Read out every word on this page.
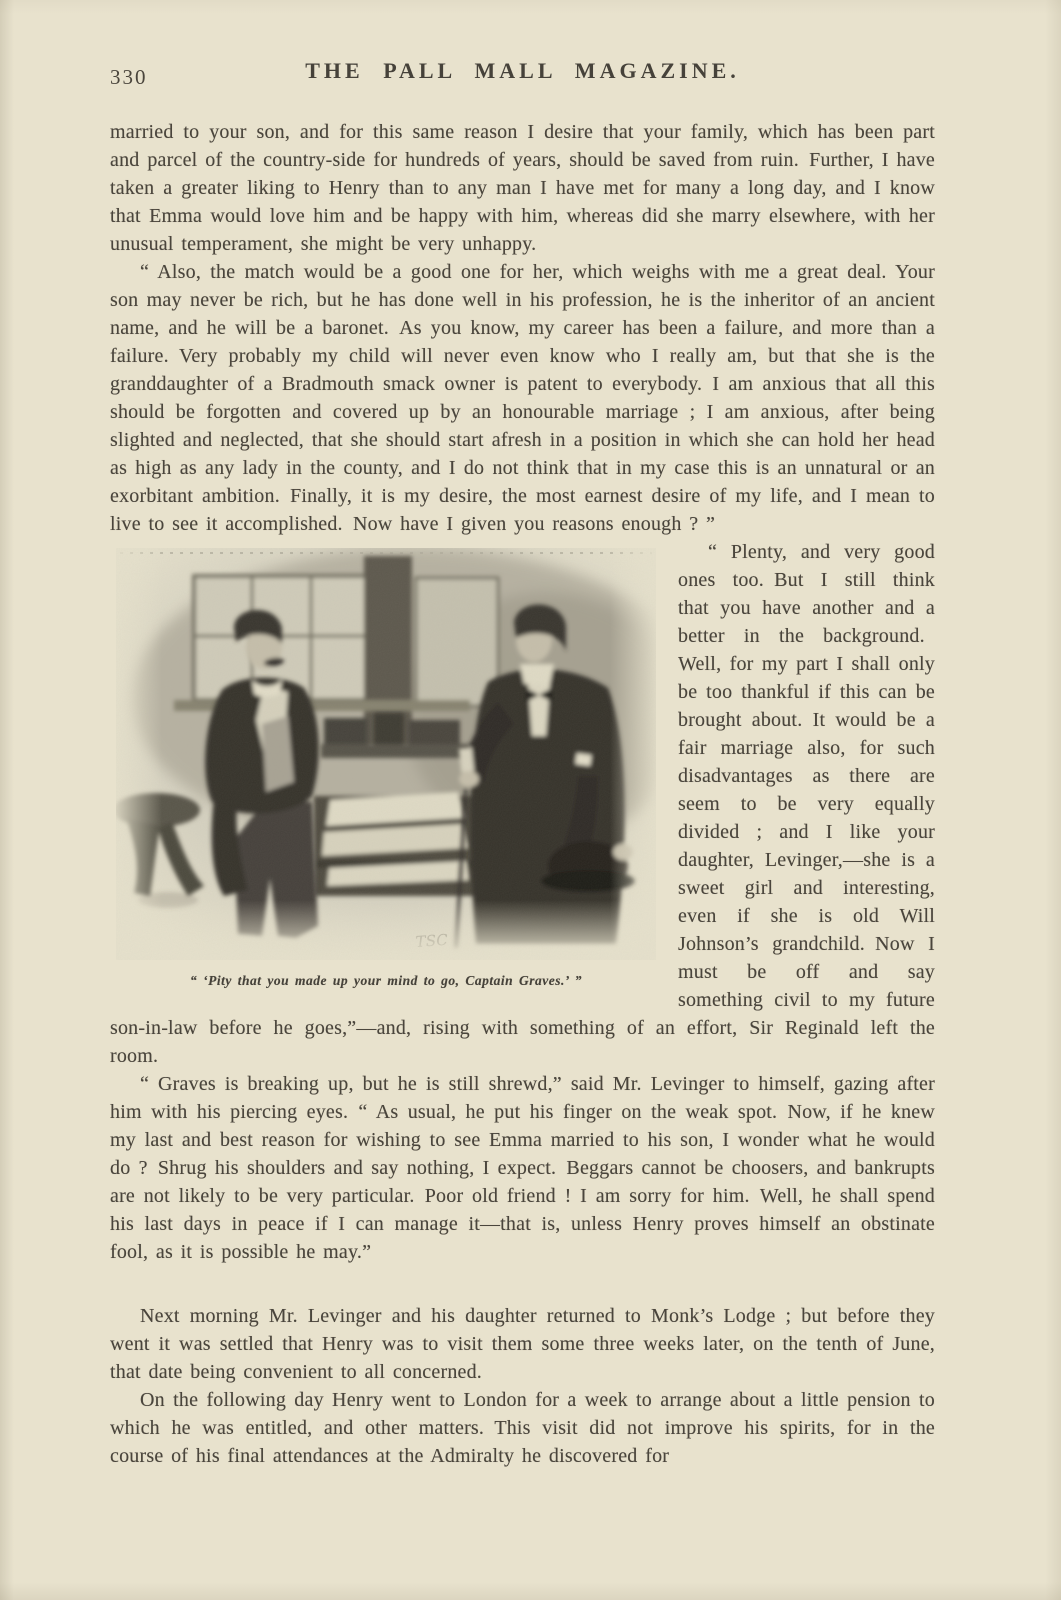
330	THE PALL MALL MAGAZINE.

married to your son, and for this same reason I desire that your family, which has been part and parcel of the country-side for hundreds of years, should be saved from ruin. Further, I have taken a greater liking to Henry than to any man I have met for many a long day, and I know that Emma would love him and be happy with him, whereas did she marry elsewhere, with her unusual temperament, she might be very unhappy.

“ Also, the match would be a good one for her, which weighs with me a great deal. Your son may never be rich, but he has done well in his profession, he is the inheritor of an ancient name, and he will be a baronet. As you know, my career has been a failure, and more than a failure. Very probably my child will never even know who I really am, but that she is the granddaughter of a Bradmouth smack owner is patent to everybody. I am anxious that all this should be forgotten and covered up by an honourable marriage ; I am anxious, after being slighted and neglected, that she should start afresh in a position in which she can hold her head as high as any lady in the county, and I do not think that in my case this is an unnatural or an exorbitant ambition. Finally, it is my desire, the most earnest desire of my life, and I mean to live to see it accomplished. Now have I given you reasons enough ? ”

“ ‘Pity that you made up your mind to go, Captain Graves.’ ”

“ Plenty, and very good ones too. But I still think that you have another and a better in the background. Well, for my part I shall only be too thankful if this can be brought about. It would be a fair marriage also, for such disadvantages as there are seem to be very equally divided ; and I like your daughter, Levinger,—she is a sweet girl and interesting, even if she is old Will Johnson’s grandchild. Now I must be off and say something civil to my future son-in-law before he goes,”—and, rising with something of an effort, Sir Reginald left the room.

“ Graves is breaking up, but he is still shrewd,” said Mr. Levinger to himself, gazing after him with his piercing eyes. “ As usual, he put his finger on the weak spot. Now, if he knew my last and best reason for wishing to see Emma married to his son, I wonder what he would do ? Shrug his shoulders and say nothing, I expect. Beggars cannot be choosers, and bankrupts are not likely to be very particular. Poor old friend ! I am sorry for him. Well, he shall spend his last days in peace if I can manage it—that is, unless Henry proves himself an obstinate fool, as it is possible he may.”

Next morning Mr. Levinger and his daughter returned to Monk’s Lodge ; but before they went it was settled that Henry was to visit them some three weeks later, on the tenth of June, that date being convenient to all concerned.

On the following day Henry went to London for a week to arrange about a little pension to which he was entitled, and other matters. This visit did not improve his spirits, for in the course of his final attendances at the Admiralty he discovered for
